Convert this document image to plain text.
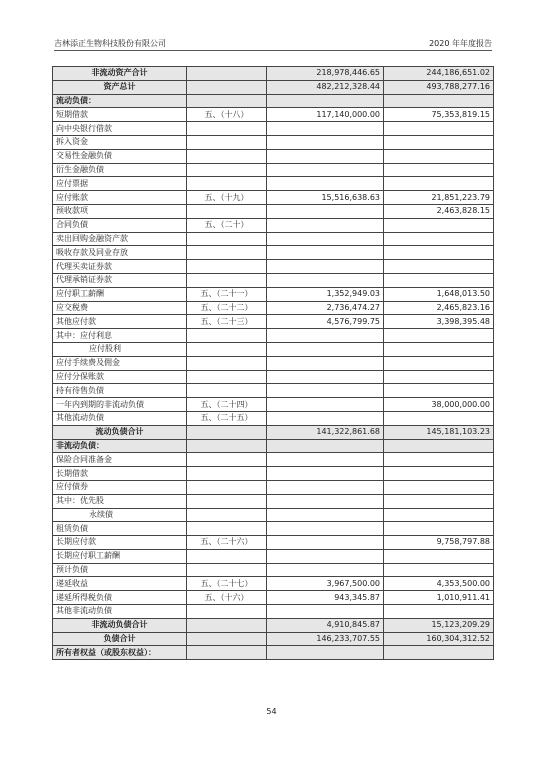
吉林添正生物科技股份有限公司	2020 年年度报告
非流动资产合计		218,978,446.65	244,186,651.02
资产总计		482,212,328.44	493,788,277.16
流动负债：			
短期借款	五、（十八）	117,140,000.00	75,353,819.15
向中央银行借款			
拆入资金			
交易性金融负债			
衍生金融负债			
应付票据			
应付账款	五、（十九）	15,516,638.63	21,851,223.79
预收款项			2,463,828.15
合同负债	五、（二十）		
卖出回购金融资产款			
吸收存款及同业存放			
代理买卖证券款			
代理承销证券款			
应付职工薪酬	五、（二十一）	1,352,949.03	1,648,013.50
应交税费	五、（二十二）	2,736,474.27	2,465,823.16
其他应付款	五、（二十三）	4,576,799.75	3,398,395.48
其中：应付利息			
应付股利			
应付手续费及佣金			
应付分保账款			
持有待售负债			
一年内到期的非流动负债	五、（二十四）		38,000,000.00
其他流动负债	五、（二十五）		
流动负债合计		141,322,861.68	145,181,103.23
非流动负债：			
保险合同准备金			
长期借款			
应付债券			
其中：优先股			
永续债			
租赁负债			
长期应付款	五、（二十六）		9,758,797.88
长期应付职工薪酬			
预计负债			
递延收益	五、（二十七）	3,967,500.00	4,353,500.00
递延所得税负债	五、（十六）	943,345.87	1,010,911.41
其他非流动负债			
非流动负债合计		4,910,845.87	15,123,209.29
负债合计		146,233,707.55	160,304,312.52
所有者权益（或股东权益）：			
54
